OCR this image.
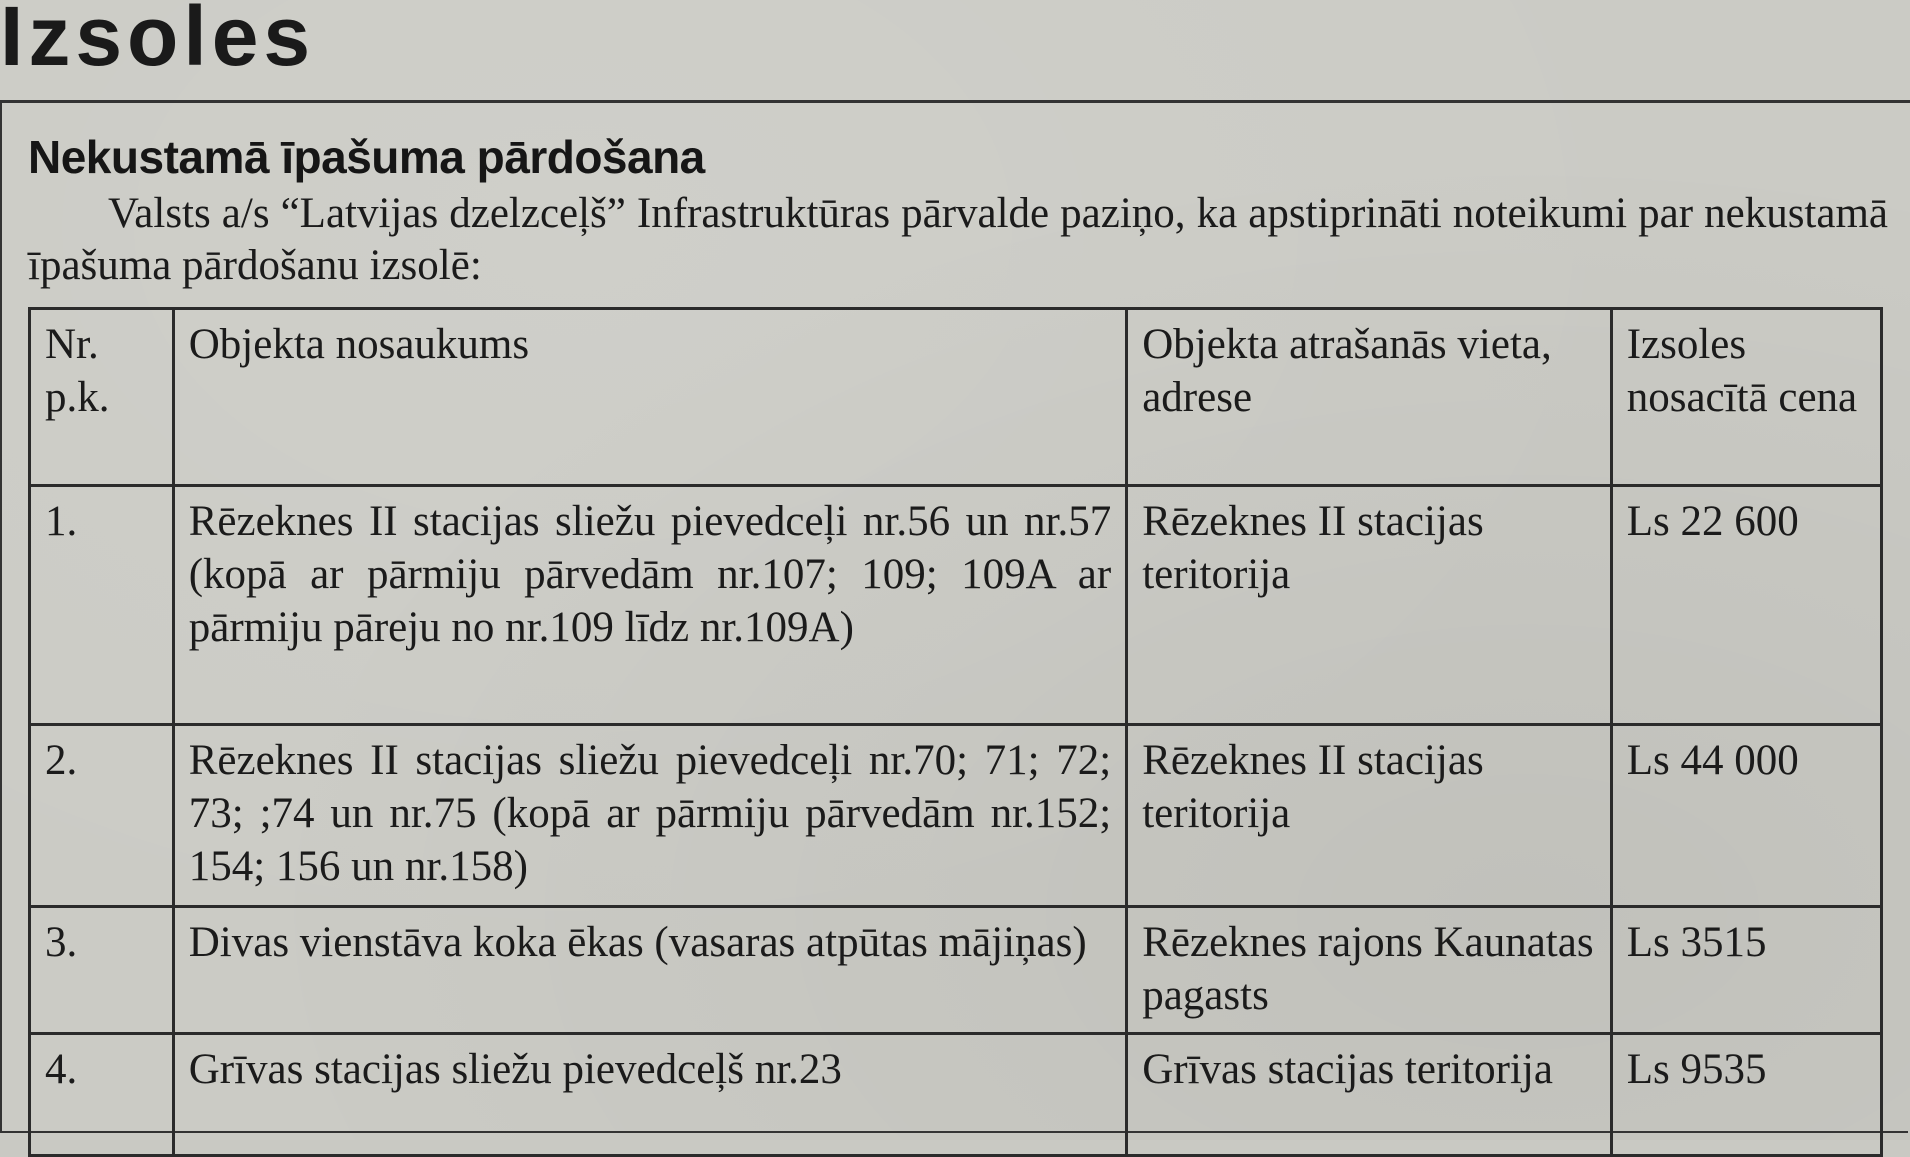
Izsoles
Nekustamā īpašuma pārdošana
Valsts a/s “Latvijas dzelzceļš” Infrastruktūras pārvalde paziņo, ka apstiprināti noteikumi par nekustamā īpašuma pārdošanu izsolē:
Nr. p.k.	Objekta nosaukums	Objekta atrašanās vieta, adrese	Izsoles nosacītā cena
1.	Rēzeknes II stacijas sliežu pievedceļi nr.56 un nr.57 (kopā ar pārmiju pārvedām nr.107; 109; 109A ar pārmiju pāreju no nr.109 līdz nr.109A)	Rēzeknes II stacijas teritorija	Ls 22 600
2.	Rēzeknes II stacijas sliežu pievedceļi nr.70; 71; 72; 73; ;74 un nr.75 (kopā ar pārmiju pārvedām nr.152; 154; 156 un nr.158)	Rēzeknes II stacijas teritorija	Ls 44 000
3.	Divas vienstāva koka ēkas (vasaras atpūtas mājiņas)	Rēzeknes rajons Kaunatas pagasts	Ls 3515
4.	Grīvas stacijas sliežu pievedceļš nr.23	Grīvas stacijas teritorija	Ls 9535
